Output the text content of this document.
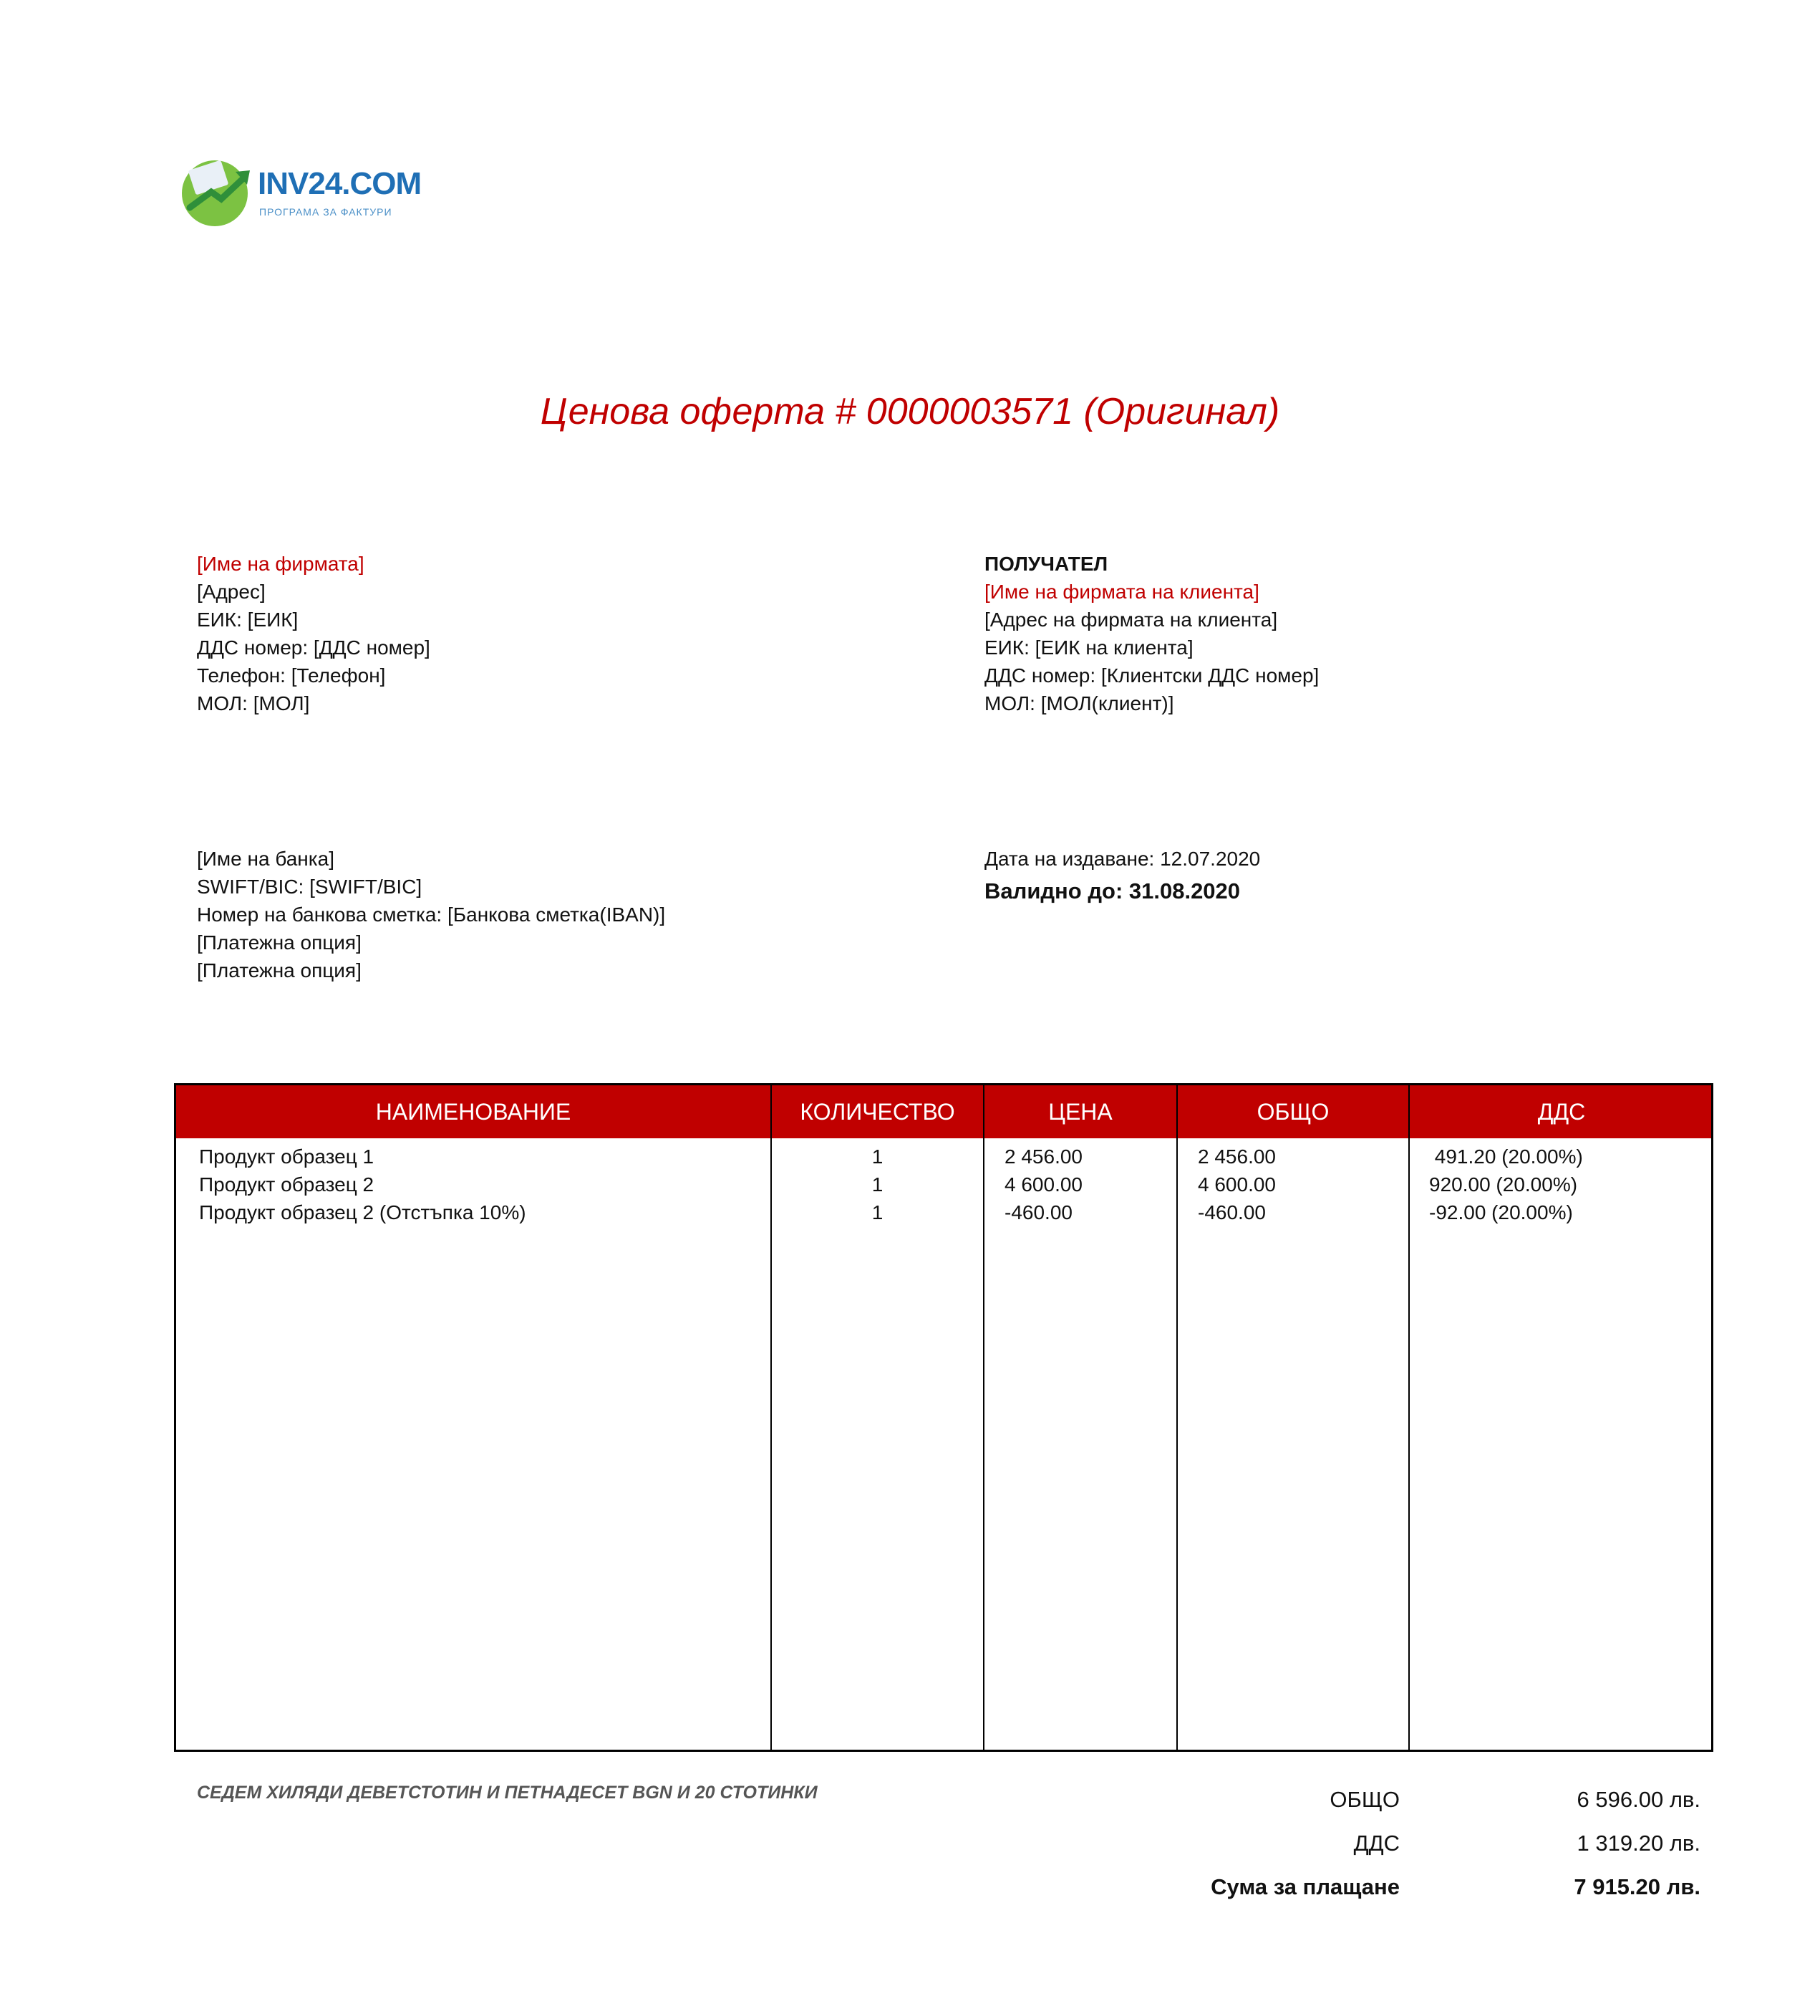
INV24.COM
ПРОГРАМА ЗА ФАКТУРИ
Ценова оферта # 0000003571 (Оригинал)
[Име на фирмата]
[Адрес]
ЕИК: [ЕИК]
ДДС номер: [ДДС номер]
Телефон: [Телефон]
МОЛ: [МОЛ]
ПОЛУЧАТЕЛ
[Име на фирмата на клиента]
[Адрес на фирмата на клиента]
ЕИК: [ЕИК на клиента]
ДДС номер: [Клиентски ДДС номер]
МОЛ: [МОЛ(клиент)]
[Име на банка]
SWIFT/BIC: [SWIFT/BIC]
Номер на банкова сметка: [Банкова сметка(IBAN)]
[Платежна опция]
[Платежна опция]
Дата на издаване: 12.07.2020
Валидно до: 31.08.2020
НАИМЕНОВАНИЕ	КОЛИЧЕСТВО	ЦЕНА	ОБЩО	ДДС
Продукт образец 1	1	2 456.00	2 456.00	491.20 (20.00%)
Продукт образец 2	1	4 600.00	4 600.00	920.00 (20.00%)
Продукт образец 2 (Отстъпка 10%)	1	-460.00	-460.00	-92.00 (20.00%)
СЕДЕМ ХИЛЯДИ ДЕВЕТСТОТИН И ПЕТНАДЕСЕТ BGN И 20 СТОТИНКИ	ОБЩО	6 596.00 лв.
ДДС	1 319.20 лв.
Сума за плащане	7 915.20 лв.
